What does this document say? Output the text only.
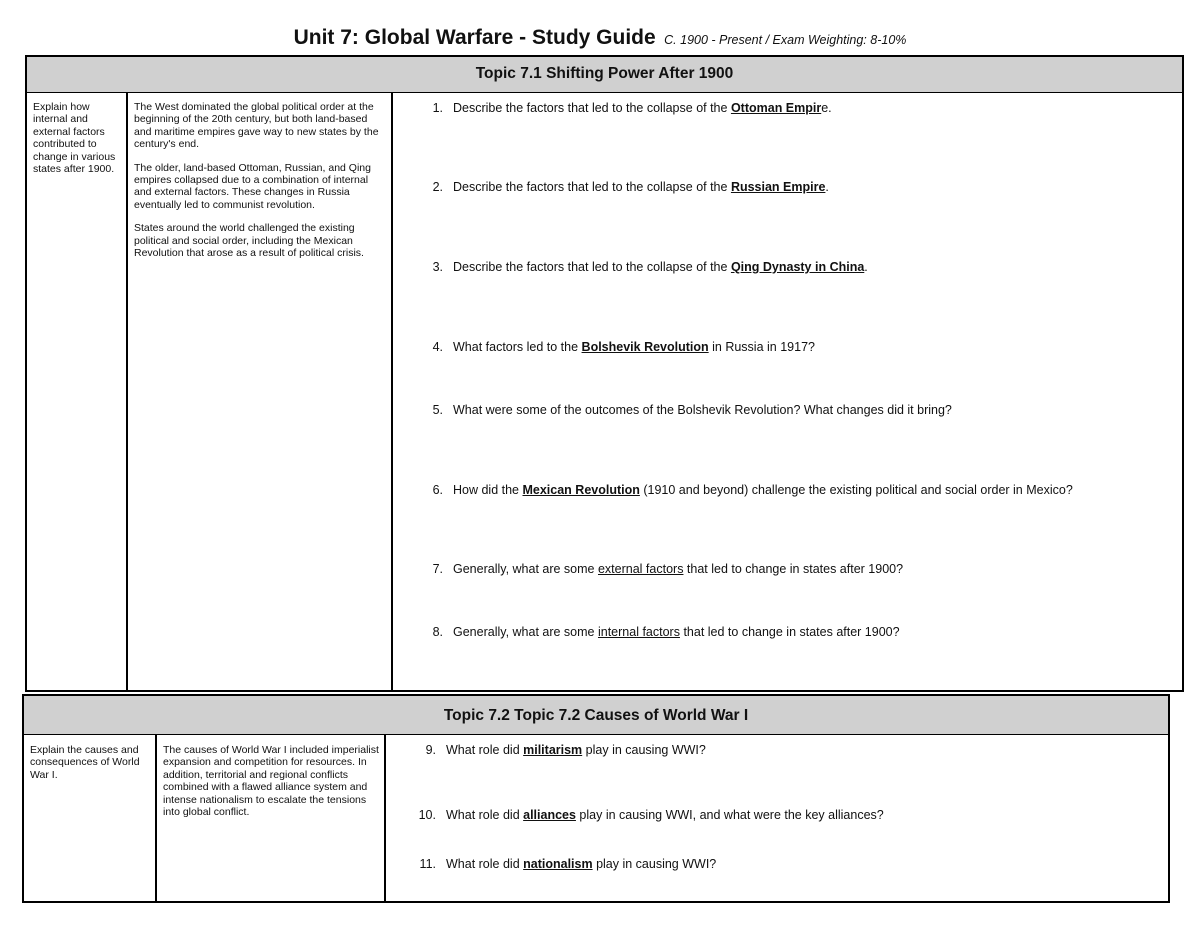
Unit 7: Global Warfare - Study Guide C. 1900 - Present / Exam Weighting: 8-10%
Topic 7.1 Shifting Power After 1900
Explain how internal and external factors contributed to change in various states after 1900.

The West dominated the global political order at the beginning of the 20th century, but both land-based and maritime empires gave way to new states by the century's end.

The older, land-based Ottoman, Russian, and Qing empires collapsed due to a combination of internal and external factors. These changes in Russia eventually led to communist revolution.

States around the world challenged the existing political and social order, including the Mexican Revolution that arose as a result of political crisis.

1. Describe the factors that led to the collapse of the Ottoman Empire.
2. Describe the factors that led to the collapse of the Russian Empire.
3. Describe the factors that led to the collapse of the Qing Dynasty in China.
4. What factors led to the Bolshevik Revolution in Russia in 1917?
5. What were some of the outcomes of the Bolshevik Revolution? What changes did it bring?
6. How did the Mexican Revolution (1910 and beyond) challenge the existing political and social order in Mexico?
7. Generally, what are some external factors that led to change in states after 1900?
8. Generally, what are some internal factors that led to change in states after 1900?
Topic 7.2 Topic 7.2 Causes of World War I
Explain the causes and consequences of World War I.

The causes of World War I included imperialist expansion and competition for resources. In addition, territorial and regional conflicts combined with a flawed alliance system and intense nationalism to escalate the tensions into global conflict.

9. What role did militarism play in causing WWI?
10. What role did alliances play in causing WWI, and what were the key alliances?
11. What role did nationalism play in causing WWI?
